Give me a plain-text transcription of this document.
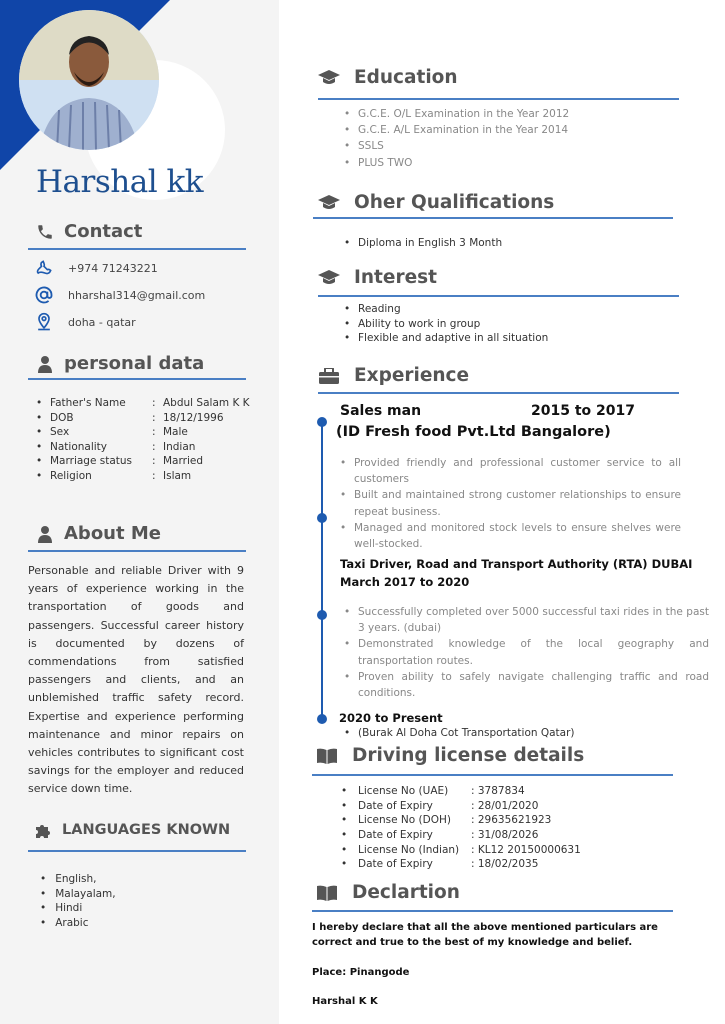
Harshal kk
Contact
+974 71243221
hharshal314@gmail.com
doha - qatar
personal data
• Father's Name	: Abdul Salam K K
• DOB	: 18/12/1996
• Sex	: Male
• Nationality	: Indian
• Marriage status	: Married
• Religion	: Islam
About Me
Personable and reliable Driver with 9 years of experience working in the transportation of goods and passengers. Successful career history is documented by dozens of commendations from satisfied passengers and clients, and an unblemished traffic safety record. Expertise and experience performing maintenance and minor repairs on vehicles contributes to significant cost savings for the employer and reduced service down time.
LANGUAGES KNOWN
• English,
• Malayalam,
• Hindi
• Arabic
Education
• G.C.E. O/L Examination in the Year 2012
• G.C.E. A/L Examination in the Year 2014
• SSLS
• PLUS TWO
Oher Qualifications
• Diploma in English 3 Month
Interest
• Reading
• Ability to work in group
• Flexible and adaptive in all situation
Experience
Sales man	2015 to 2017
(ID Fresh food Pvt.Ltd Bangalore)
• Provided friendly and professional customer service to all customers
• Built and maintained strong customer relationships to ensure repeat business.
• Managed and monitored stock levels to ensure shelves were well-stocked.
Taxi Driver, Road and Transport Authority (RTA) DUBAI
March 2017 to 2020
• Successfully completed over 5000 successful taxi rides in the past 3 years. (dubai)
• Demonstrated knowledge of the local geography and transportation routes.
• Proven ability to safely navigate challenging traffic and road conditions.
2020 to Present
• (Burak Al Doha Cot Transportation Qatar)
Driving license details
•	License No (UAE)	: 3787834
•	Date of Expiry	: 28/01/2020
•	License No (DOH)	: 29635621923
•	Date of Expiry	: 31/08/2026
•	License No (Indian)	: KL12 20150000631
•	Date of Expiry	: 18/02/2035
Declartion
I hereby declare that all the above mentioned particulars are correct and true to the best of my knowledge and belief.
Place: Pinangode
Harshal K K
